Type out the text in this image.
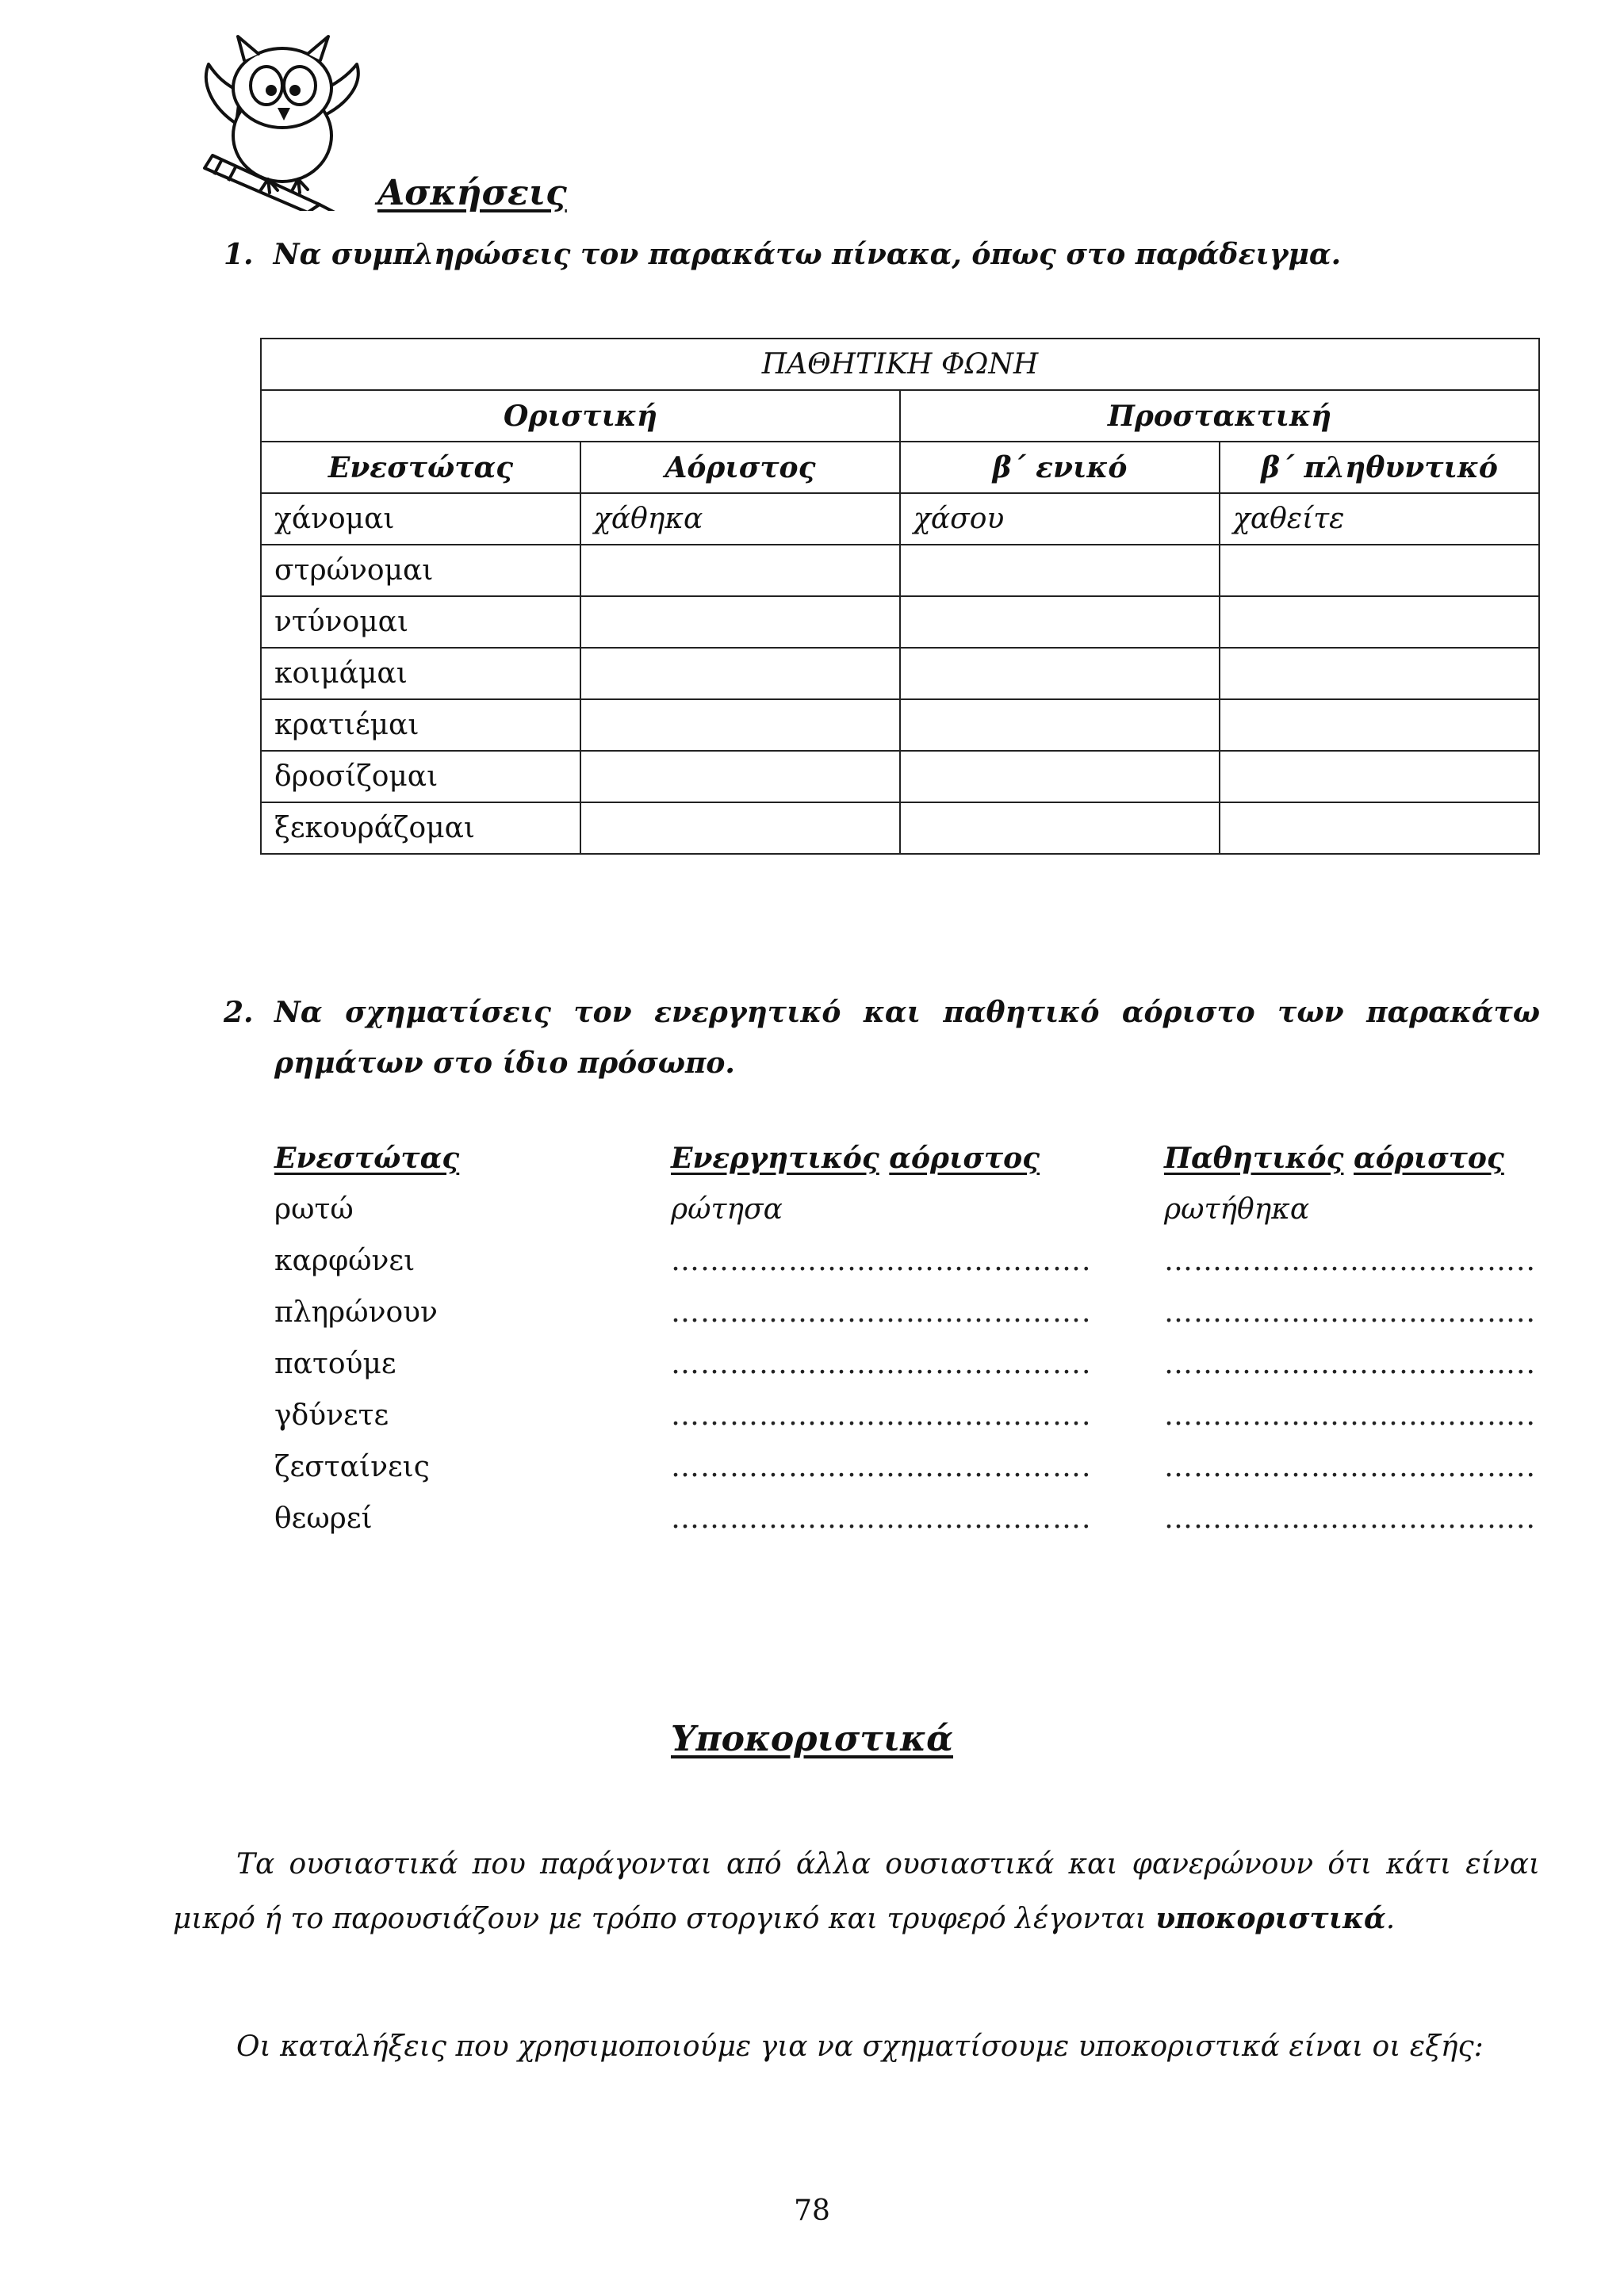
Ασκήσεις
1. Να συμπληρώσεις τον παρακάτω πίνακα, όπως στο παράδειγμα.
ΠΑΘΗΤΙΚΗ ΦΩΝΗ			
Οριστική		Προστακτική	
Ενεστώτας	Αόριστος	β΄ ενικό	β΄ πληθυντικό
χάνομαι	χάθηκα	χάσου	χαθείτε
στρώνομαι			
ντύνομαι			
κοιμάμαι			
κρατιέμαι			
δροσίζομαι			
ξεκουράζομαι			
2. Να σχηματίσεις τον ενεργητικό και παθητικό αόριστο των παρακάτω
ρημάτων στο ίδιο πρόσωπο.
Ενεστώτας	Ενεργητικός αόριστος	Παθητικός αόριστος
ρωτώ	ρώτησα	ρωτήθηκα
καρφώνει	…………………………………….	………………………………..
πληρώνουν	…………………………………….	………………………………..
πατούμε	…………………………………….	………………………………..
γδύνετε	…………………………………….	………………………………..
ζεσταίνεις	…………………………………….	………………………………..
θεωρεί	…………………………………….	………………………………..
Υποκοριστικά
Τα ουσιαστικά που παράγονται από άλλα ουσιαστικά και φανερώνουν ότι κάτι είναι μικρό ή το παρουσιάζουν με τρόπο στοργικό και τρυφερό λέγονται υποκοριστικά.
Οι καταλήξεις που χρησιμοποιούμε για να σχηματίσουμε υποκοριστικά είναι οι εξής:
78
